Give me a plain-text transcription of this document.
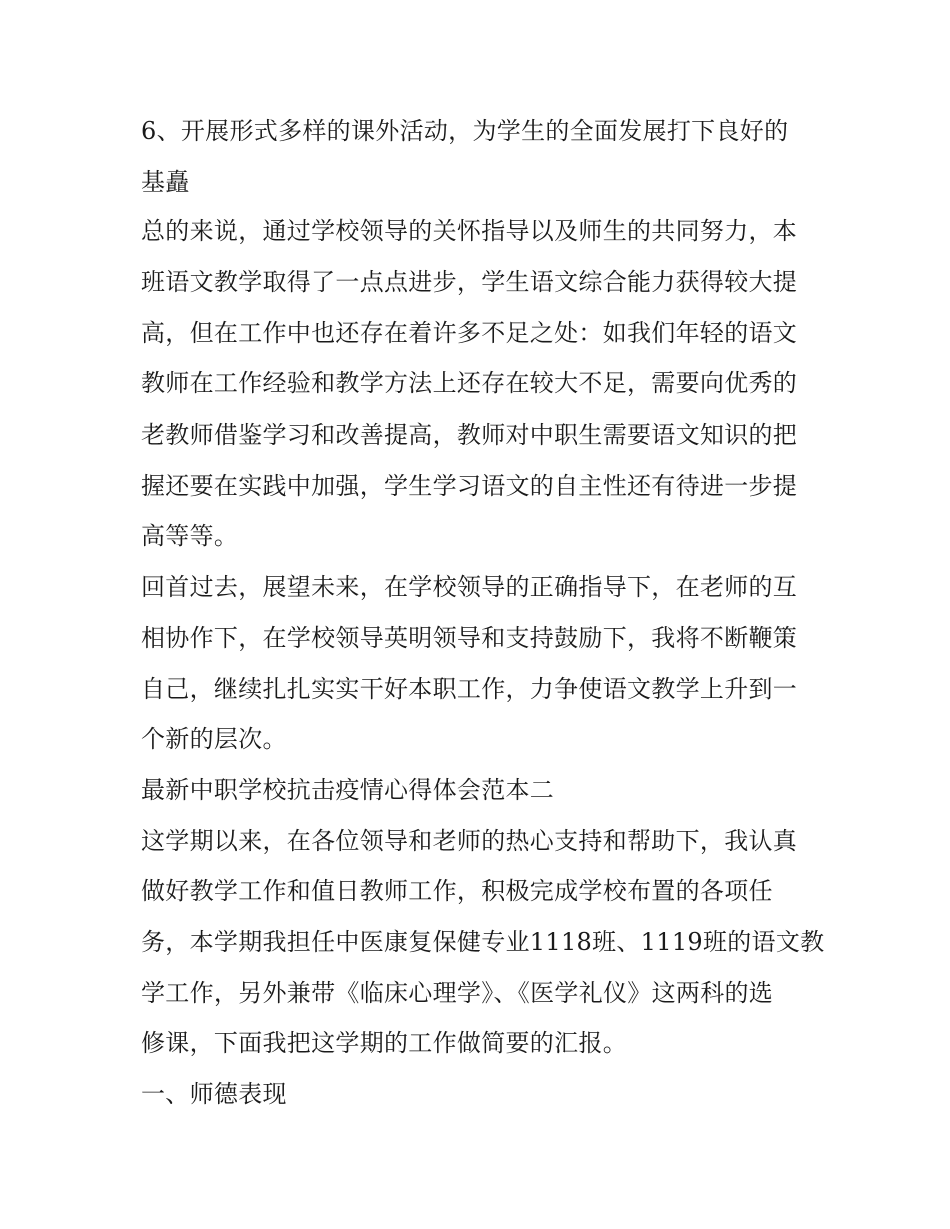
6、开展形式多样的课外活动，为学生的全面发展打下良好的

基矗

总的来说，通过学校领导的关怀指导以及师生的共同努力，本

班语文教学取得了一点点进步，学生语文综合能力获得较大提

高，但在工作中也还存在着许多不足之处：如我们年轻的语文

教师在工作经验和教学方法上还存在较大不足，需要向优秀的

老教师借鉴学习和改善提高，教师对中职生需要语文知识的把

握还要在实践中加强，学生学习语文的自主性还有待进一步提

高等等。

回首过去，展望未来，在学校领导的正确指导下，在老师的互

相协作下，在学校领导英明领导和支持鼓励下，我将不断鞭策

自己，继续扎扎实实干好本职工作，力争使语文教学上升到一

个新的层次。

最新中职学校抗击疫情心得体会范本二

这学期以来，在各位领导和老师的热心支持和帮助下，我认真

做好教学工作和值日教师工作，积极完成学校布置的各项任

务，本学期我担任中医康复保健专业1118班、1119班的语文教

学工作，另外兼带《临床心理学》、《医学礼仪》这两科的选

修课，下面我把这学期的工作做简要的汇报。

一、师德表现
